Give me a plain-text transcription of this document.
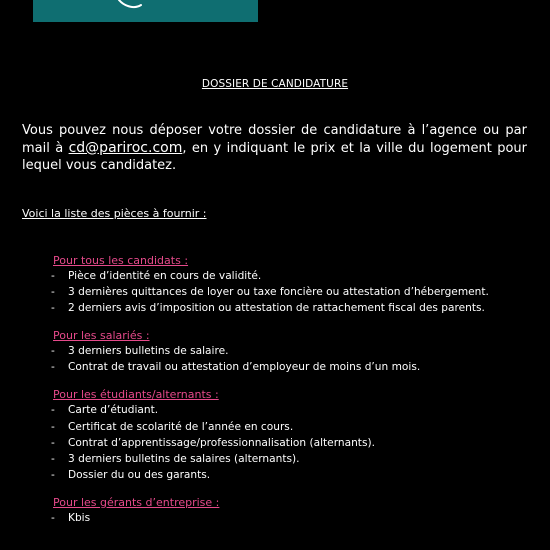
DOSSIER DE CANDIDATURE

Vous pouvez nous déposer votre dossier de candidature à l’agence ou par mail à cd@pariroc.com, en y indiquant le prix et la ville du logement pour lequel vous candidatez.

Voici la liste des pièces à fournir :
Pour tous les candidats :
- Pièce d’identité en cours de validité.
- 3 dernières quittances de loyer ou taxe foncière ou attestation d’hébergement.
- 2 derniers avis d’imposition ou attestation de rattachement fiscal des parents.
Pour les salariés :
- 3 derniers bulletins de salaire.
- Contrat de travail ou attestation d’employeur de moins d’un mois.
Pour les étudiants/alternants :
- Carte d’étudiant.
- Certificat de scolarité de l’année en cours.
- Contrat d’apprentissage/professionnalisation (alternants).
- 3 derniers bulletins de salaires (alternants).
- Dossier du ou des garants.
Pour les gérants d’entreprise :
- Kbis
